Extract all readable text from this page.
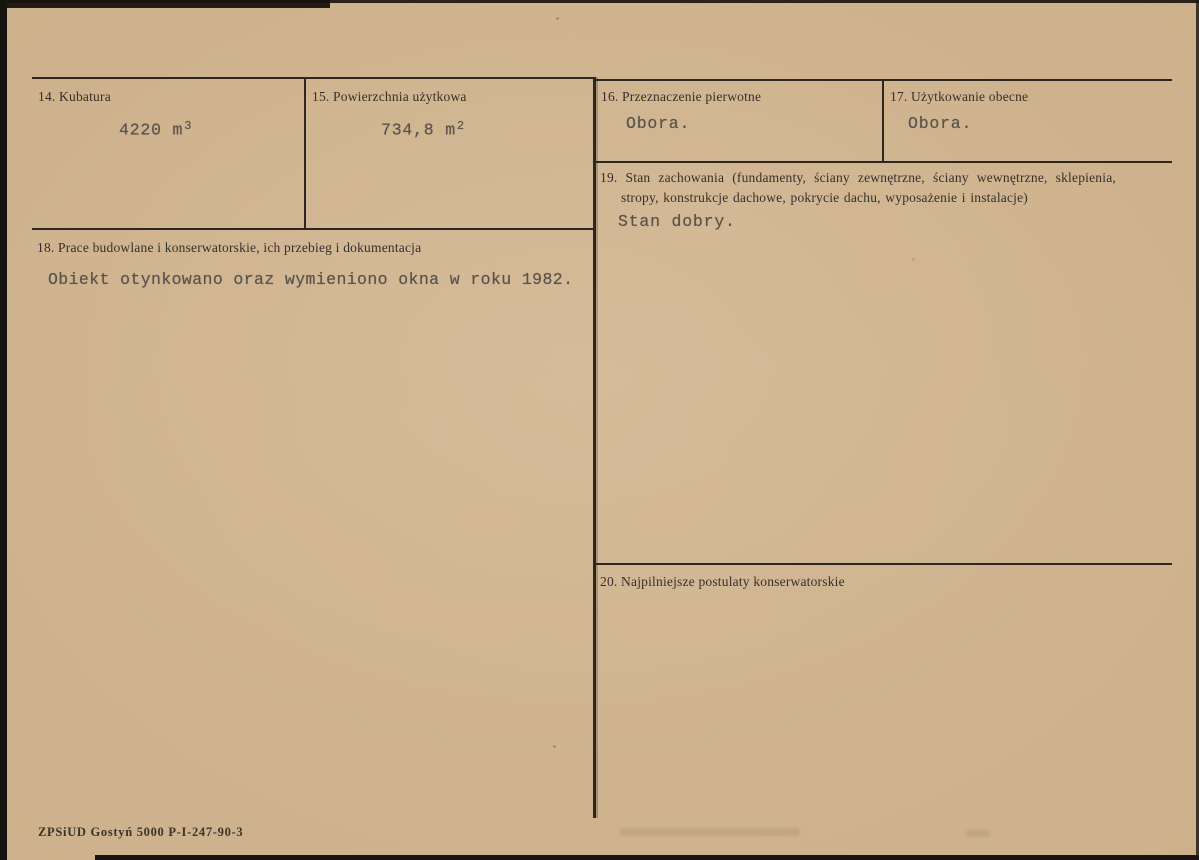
14. Kubatura
4220 $m^3$
15. Powierzchnia użytkowa
734,8 $m^2$
16. Przeznaczenie pierwotne
Obora.
17. Użytkowanie obecne
Obora.
19. Stan zachowania (fundamenty, ściany zewnętrzne, ściany wewnętrzne, sklepienia,
stropy, konstrukcje dachowe, pokrycie dachu, wyposażenie i instalacje)
Stan dobry.
18. Prace budowlane i konserwatorskie, ich przebieg i dokumentacja
Obiekt otynkowano oraz wymieniono okna w roku 1982.
20. Najpilniejsze postulaty konserwatorskie
ZPSiUD Gostyń 5000 P-I-247-90-3
